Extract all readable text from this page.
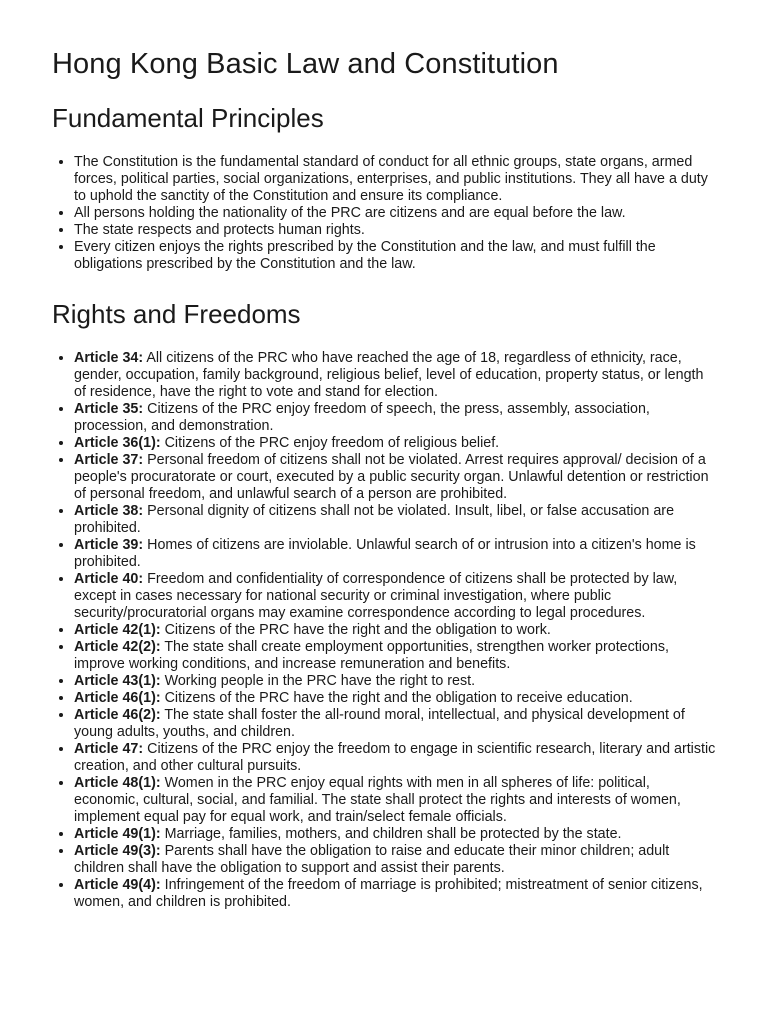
Hong Kong Basic Law and Constitution
Fundamental Principles
• The Constitution is the fundamental standard of conduct for all ethnic groups, state organs, armed forces, political parties, social organizations, enterprises, and public institutions. They all have a duty to uphold the sanctity of the Constitution and ensure its compliance.
• All persons holding the nationality of the PRC are citizens and are equal before the law.
• The state respects and protects human rights.
• Every citizen enjoys the rights prescribed by the Constitution and the law, and must fulfill the obligations prescribed by the Constitution and the law.
Rights and Freedoms
• Article 34: All citizens of the PRC who have reached the age of 18, regardless of ethnicity, race, gender, occupation, family background, religious belief, level of education, property status, or length of residence, have the right to vote and stand for election.
• Article 35: Citizens of the PRC enjoy freedom of speech, the press, assembly, association, procession, and demonstration.
• Article 36(1): Citizens of the PRC enjoy freedom of religious belief.
• Article 37: Personal freedom of citizens shall not be violated. Arrest requires approval/ decision of a people's procuratorate or court, executed by a public security organ. Unlawful detention or restriction of personal freedom, and unlawful search of a person are prohibited.
• Article 38: Personal dignity of citizens shall not be violated. Insult, libel, or false accusation are prohibited.
• Article 39: Homes of citizens are inviolable. Unlawful search of or intrusion into a citizen's home is prohibited.
• Article 40: Freedom and confidentiality of correspondence of citizens shall be protected by law, except in cases necessary for national security or criminal investigation, where public security/procuratorial organs may examine correspondence according to legal procedures.
• Article 42(1): Citizens of the PRC have the right and the obligation to work.
• Article 42(2): The state shall create employment opportunities, strengthen worker protections, improve working conditions, and increase remuneration and benefits.
• Article 43(1): Working people in the PRC have the right to rest.
• Article 46(1): Citizens of the PRC have the right and the obligation to receive education.
• Article 46(2): The state shall foster the all-round moral, intellectual, and physical development of young adults, youths, and children.
• Article 47: Citizens of the PRC enjoy the freedom to engage in scientific research, literary and artistic creation, and other cultural pursuits.
• Article 48(1): Women in the PRC enjoy equal rights with men in all spheres of life: political, economic, cultural, social, and familial. The state shall protect the rights and interests of women, implement equal pay for equal work, and train/select female officials.
• Article 49(1): Marriage, families, mothers, and children shall be protected by the state.
• Article 49(3): Parents shall have the obligation to raise and educate their minor children; adult children shall have the obligation to support and assist their parents.
• Article 49(4): Infringement of the freedom of marriage is prohibited; mistreatment of senior citizens, women, and children is prohibited.
